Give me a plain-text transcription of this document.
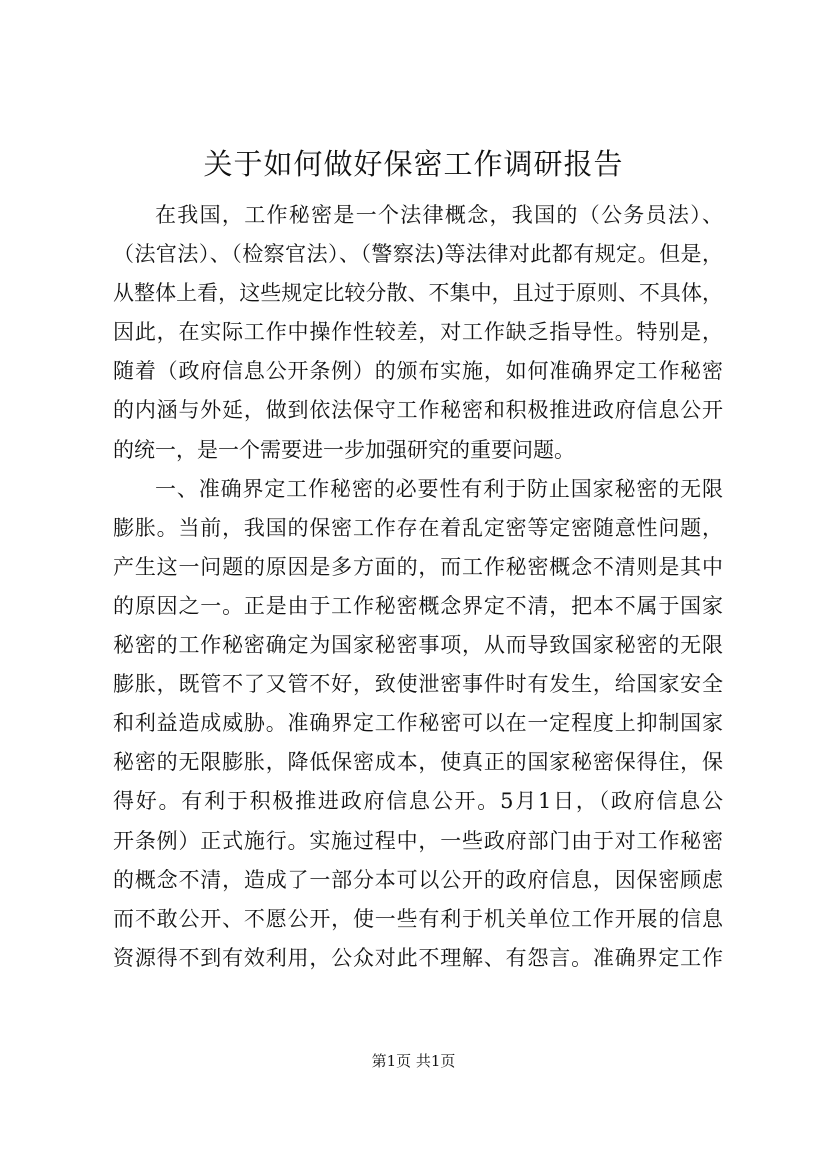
关于如何做好保密工作调研报告
在我国，工作秘密是一个法律概念，我国的（公务员法）、
（法官法）、（检察官法）、（警察法)等法律对此都有规定。但是，
从整体上看，这些规定比较分散、不集中，且过于原则、不具体，
因此，在实际工作中操作性较差，对工作缺乏指导性。特别是，
随着（政府信息公开条例）的颁布实施，如何准确界定工作秘密
的内涵与外延，做到依法保守工作秘密和积极推进政府信息公开
的统一，是一个需要进一步加强研究的重要问题。
一、准确界定工作秘密的必要性有利于防止国家秘密的无限
膨胀。当前，我国的保密工作存在着乱定密等定密随意性问题，
产生这一问题的原因是多方面的，而工作秘密概念不清则是其中
的原因之一。正是由于工作秘密概念界定不清，把本不属于国家
秘密的工作秘密确定为国家秘密事项，从而导致国家秘密的无限
膨胀，既管不了又管不好，致使泄密事件时有发生，给国家安全
和利益造成威胁。准确界定工作秘密可以在一定程度上抑制国家
秘密的无限膨胀，降低保密成本，使真正的国家秘密保得住，保
得好。有利于积极推进政府信息公开。5月1日，（政府信息公
开条例）正式施行。实施过程中，一些政府部门由于对工作秘密
的概念不清，造成了一部分本可以公开的政府信息，因保密顾虑
而不敢公开、不愿公开，使一些有利于机关单位工作开展的信息
资源得不到有效利用，公众对此不理解、有怨言。准确界定工作
第1页 共1页
